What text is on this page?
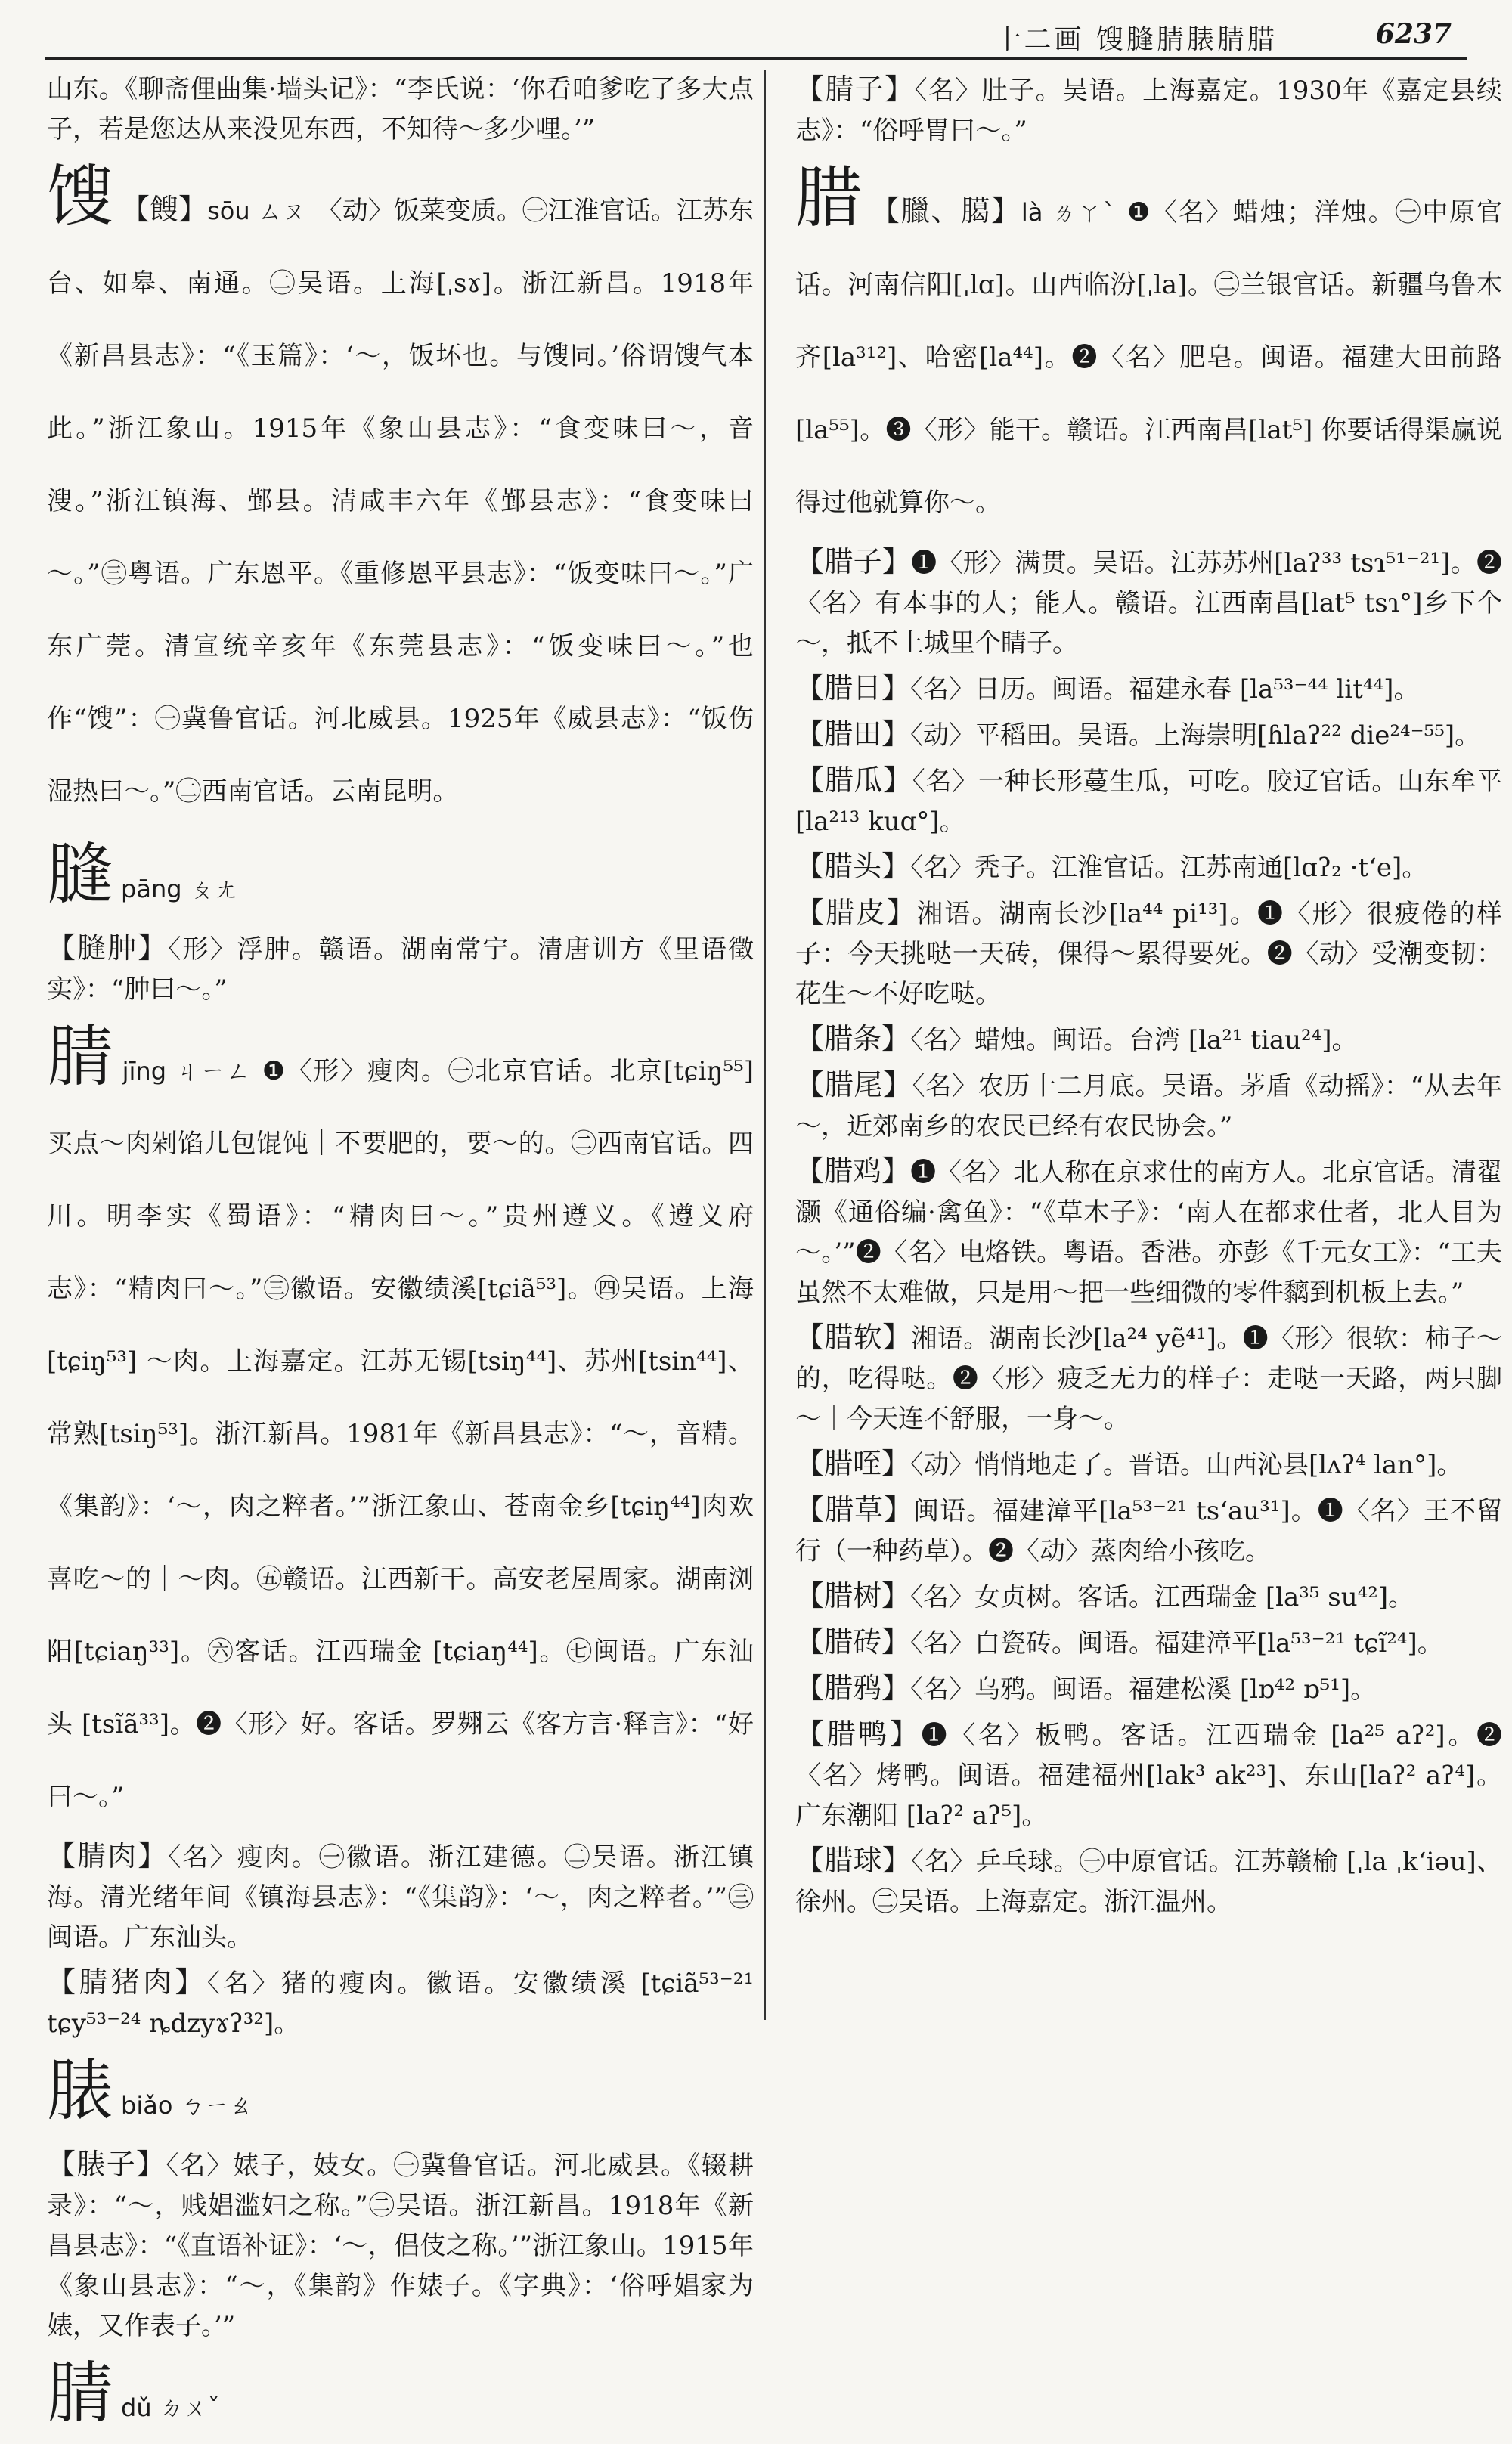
十二画 馊膖腈脿腈腊	6237

山东。《聊斋俚曲集·墙头记》：“李氏说：‘你看咱爹吃了多大点子，若是您达从来没见东西，不知待～多少哩。’”

馊 【餿】sōu ㄙㄡ 〈动〉饭菜变质。㊀江淮官话。江苏东台、如皋、南通。㊁吴语。上海[ˌsɤ]。浙江新昌。1918年《新昌县志》：“《玉篇》：‘～，饭坏也。与馊同。’俗谓馊气本此。”浙江象山。1915年《象山县志》：“食变味曰～，音溲。”浙江镇海、鄞县。清咸丰六年《鄞县志》：“食变味曰～。”㊂粤语。广东恩平。《重修恩平县志》：“饭变味曰～。”广东广莞。清宣统辛亥年《东莞县志》：“饭变味曰～。”也作“馊”：㊀冀鲁官话。河北威县。1925年《威县志》：“饭伤湿热曰～。”㊁西南官话。云南昆明。

膖pāng ㄆㄤ

【膖肿】〈形〉浮肿。赣语。湖南常宁。清唐训方《里语徵实》：“肿曰～。”

腈jīng ㄐㄧㄥ ❶〈形〉瘦肉。㊀北京官话。北京[tɕiŋ⁵⁵]买点～肉剁馅儿包馄饨｜不要肥的，要～的。㊁西南官话。四川。明李实《蜀语》：“精肉曰～。”贵州遵义。《遵义府志》：“精肉曰～。”㊂徽语。安徽绩溪[tɕiã⁵³]。㊃吴语。上海 [tɕiŋ⁵³] ～肉。上海嘉定。江苏无锡[tsiŋ⁴⁴]、苏州[tsin⁴⁴]、常熟[tsiŋ⁵³]。浙江新昌。1981年《新昌县志》：“～，音精。《集韵》：‘～，肉之粹者。’”浙江象山、苍南金乡[tɕiŋ⁴⁴]肉欢喜吃～的｜～肉。㊄赣语。江西新干。高安老屋周家。湖南浏阳[tɕiaŋ³³]。㊅客话。江西瑞金 [tɕiaŋ⁴⁴]。㊆闽语。广东汕头 [tsĩã³³]。❷〈形〉好。客话。罗翙云《客方言·释言》：“好曰～。”

【腈肉】〈名〉瘦肉。㊀徽语。浙江建德。㊁吴语。浙江镇海。清光绪年间《镇海县志》：“《集韵》：‘～，肉之粹者。’”㊂闽语。广东汕头。

【腈猪肉】〈名〉猪的瘦肉。徽语。安徽绩溪 [tɕiã⁵³⁻²¹ tɕy⁵³⁻²⁴ ȵdzyɤʔ³²]。

脿biǎo ㄅㄧㄠ

【脿子】〈名〉婊子，妓女。㊀冀鲁官话。河北威县。《辍耕录》：“～，贱娼滥妇之称。”㊁吴语。浙江新昌。1918年《新昌县志》：“《直语补证》：‘～，倡伎之称。’”浙江象山。1915年《象山县志》：“～，《集韵》作婊子。《字典》：‘俗呼娼家为婊，又作表子。’”

腈dǔ ㄉㄨˇ

【腈子】〈名〉肚子。吴语。上海嘉定。1930年《嘉定县续志》：“俗呼胃曰～。”

腊 【臘、臈】là ㄌㄚˋ ❶〈名〉蜡烛；洋烛。㊀中原官话。河南信阳[ˌlɑ]。山西临汾[ˌla]。㊁兰银官话。新疆乌鲁木齐[la³¹²]、哈密[la⁴⁴]。❷〈名〉肥皂。闽语。福建大田前路[la⁵⁵]。❸〈形〉能干。赣语。江西南昌[lat⁵] 你要话得渠赢说得过他就算你～。

【腊子】❶〈形〉满贯。吴语。江苏苏州[laʔ³³ tsɿ⁵¹⁻²¹]。❷〈名〉有本事的人；能人。赣语。江西南昌[lat⁵ tsɿ°]乡下个～，抵不上城里个睛子。

【腊日】〈名〉日历。闽语。福建永春 [la⁵³⁻⁴⁴ lit⁴⁴]。

【腊田】〈动〉平稻田。吴语。上海崇明[ɦlaʔ²² die²⁴⁻⁵⁵]。

【腊瓜】〈名〉一种长形蔓生瓜，可吃。胶辽官话。山东牟平[la²¹³ kuɑ°]。

【腊头】〈名〉秃子。江淮官话。江苏南通[lɑʔ₂ ·tʻe]。

【腊皮】湘语。湖南长沙[la⁴⁴ pi¹³]。❶〈形〉很疲倦的样子：今天挑哒一天砖，倮得～累得要死。❷〈动〉受潮变韧：花生～不好吃哒。

【腊条】〈名〉蜡烛。闽语。台湾 [la²¹ tiau²⁴]。

【腊尾】〈名〉农历十二月底。吴语。茅盾《动摇》：“从去年～，近郊南乡的农民已经有农民协会。”

【腊鸡】❶〈名〉北人称在京求仕的南方人。北京官话。清翟灏《通俗编·禽鱼》：“《草木子》：‘南人在都求仕者，北人目为～。’”❷〈名〉电烙铁。粤语。香港。亦彭《千元女工》：“工夫虽然不太难做，只是用～把一些细微的零件黐到机板上去。”

【腊软】湘语。湖南长沙[la²⁴ yẽ⁴¹]。❶〈形〉很软：柿子～的，吃得哒。❷〈形〉疲乏无力的样子：走哒一天路，两只脚～｜今天连不舒服，一身～。

【腊咥】〈动〉悄悄地走了。晋语。山西沁县[lʌʔ⁴ lan°]。

【腊草】闽语。福建漳平[la⁵³⁻²¹ tsʻau³¹]。❶〈名〉王不留行（一种药草）。❷〈动〉蒸肉给小孩吃。

【腊树】〈名〉女贞树。客话。江西瑞金 [la³⁵ su⁴²]。

【腊砖】〈名〉白瓷砖。闽语。福建漳平[la⁵³⁻²¹ tɕĩ²⁴]。

【腊鸦】〈名〉乌鸦。闽语。福建松溪 [lɒ⁴² ɒ⁵¹]。

【腊鸭】❶〈名〉板鸭。客话。江西瑞金 [la²⁵ aʔ²]。❷〈名〉烤鸭。闽语。福建福州[lak³ ak²³]、东山[laʔ² aʔ⁴]。广东潮阳 [laʔ² aʔ⁵]。

【腊球】〈名〉乒乓球。㊀中原官话。江苏赣榆 [ˌla ˌkʻiəu]、徐州。㊁吴语。上海嘉定。浙江温州。
